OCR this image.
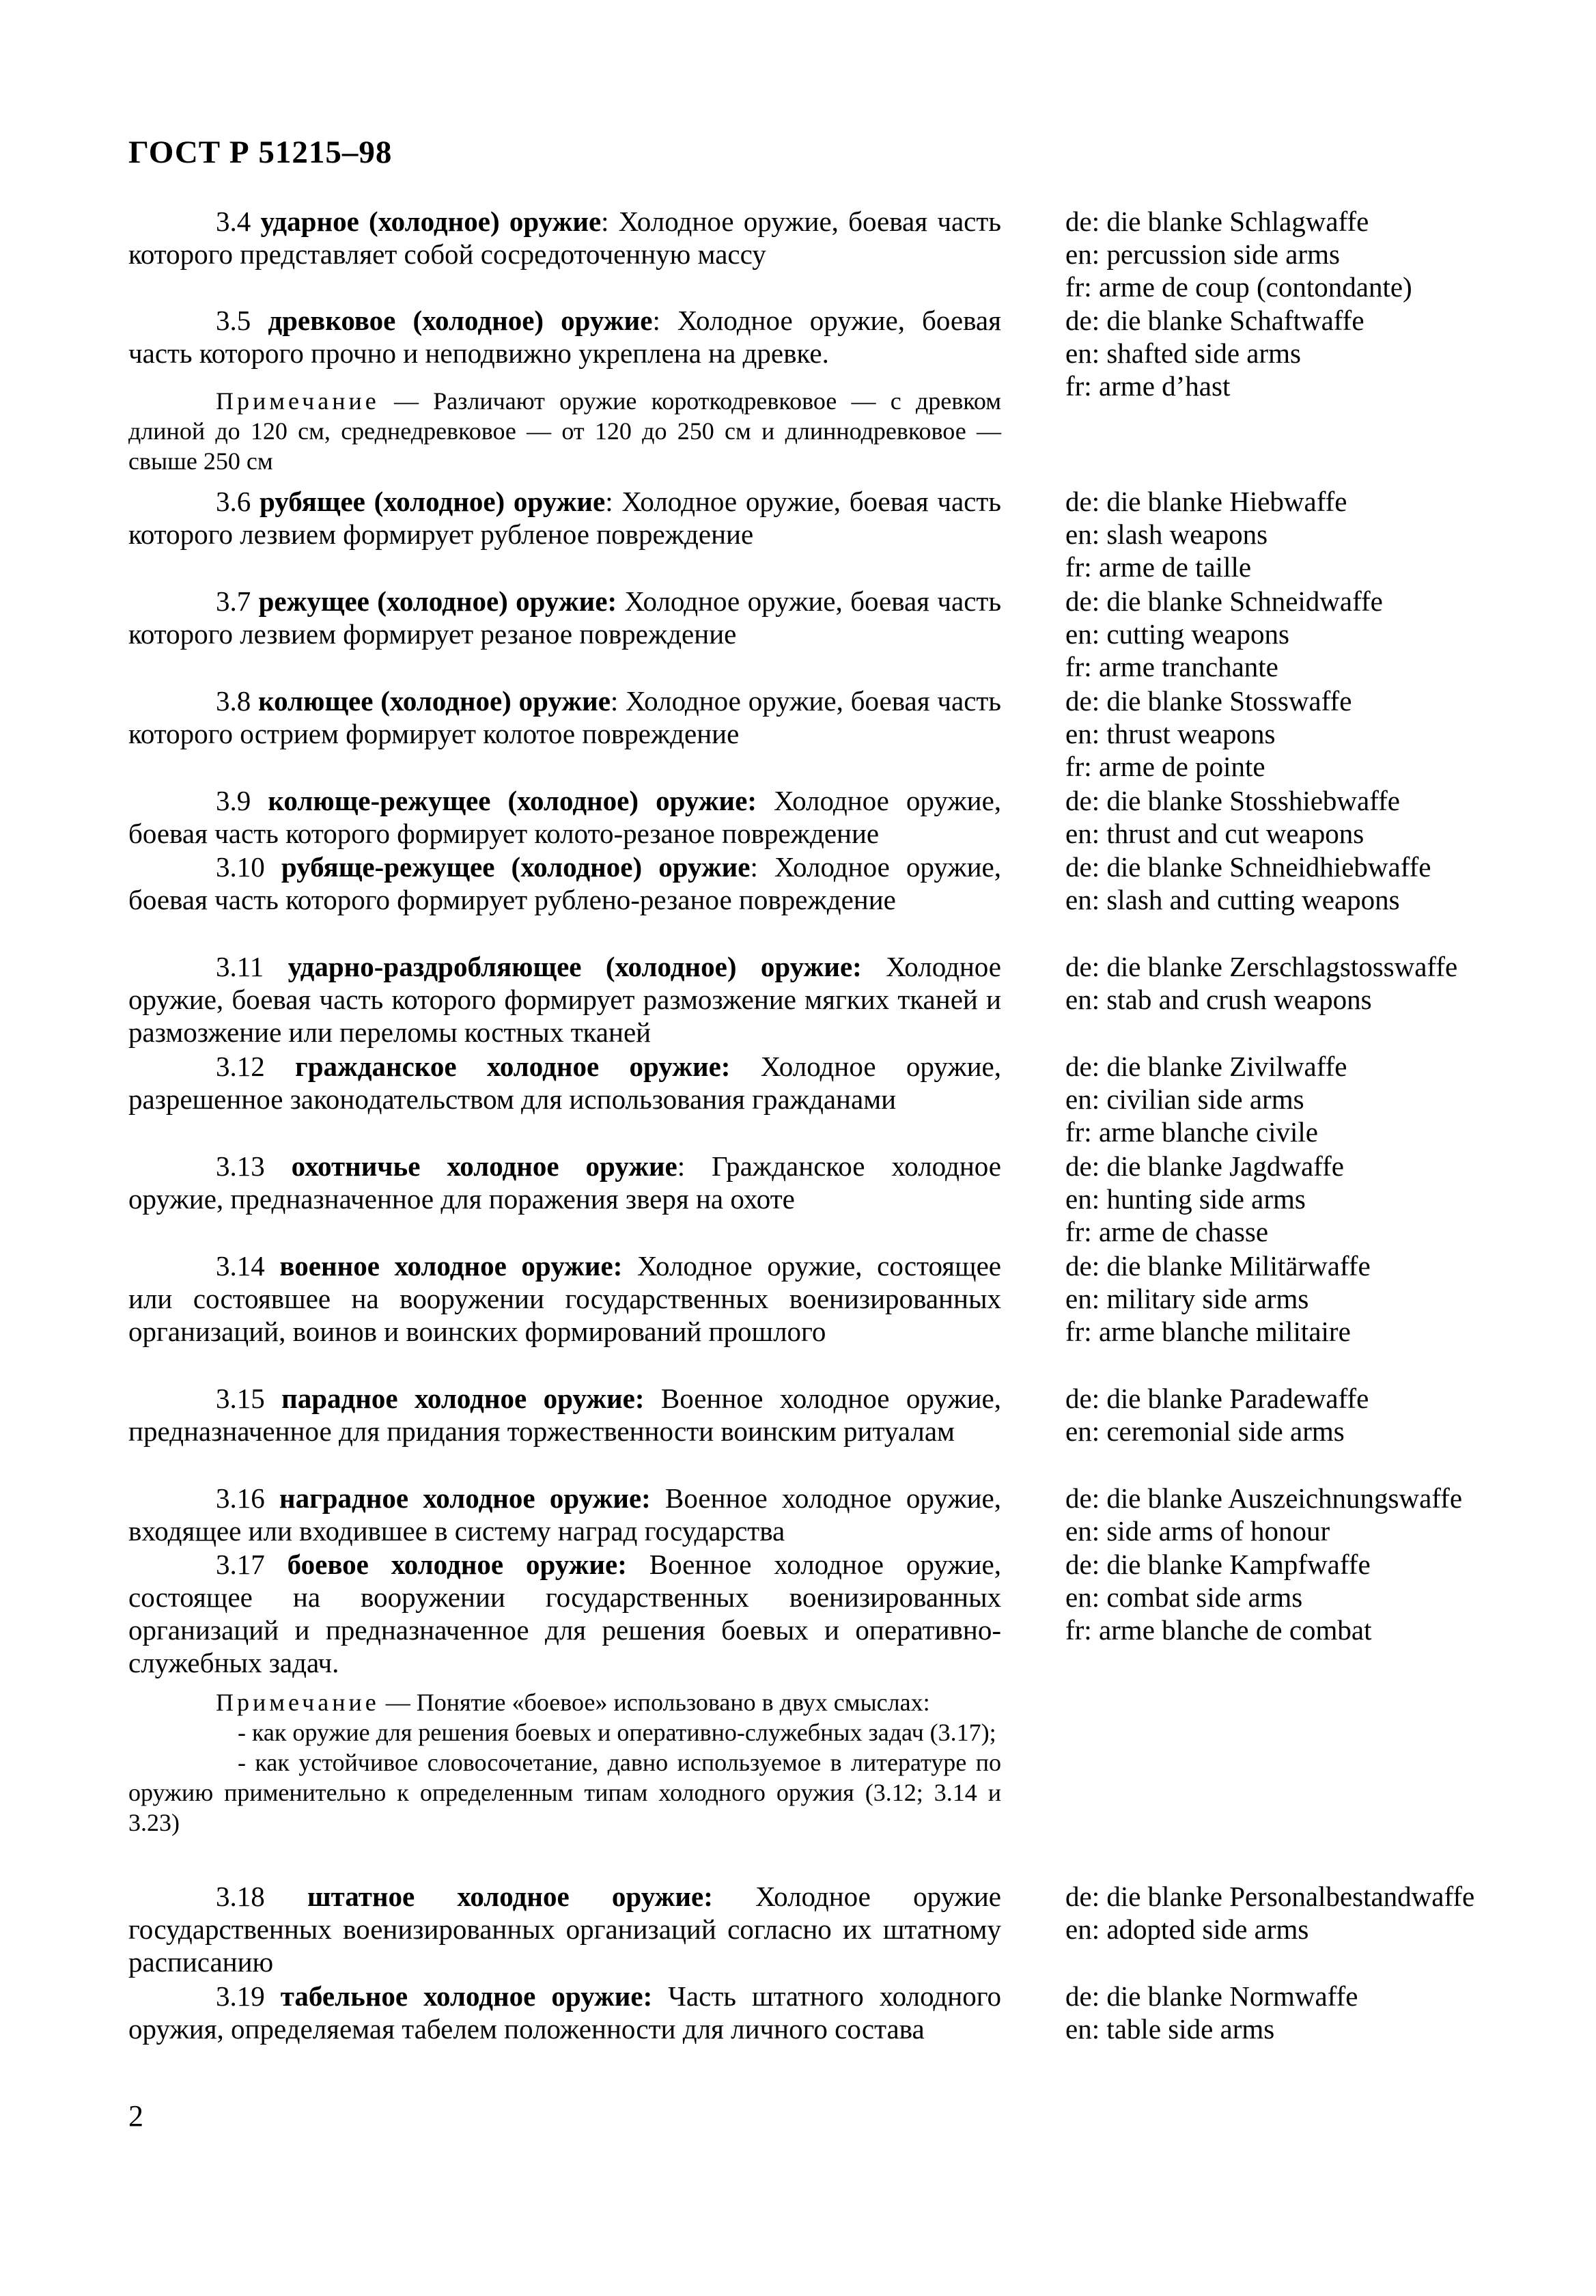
ГОСТ Р 51215–98

3.4 ударное (холодное) оружие: Холодное оружие, боевая часть которого представляет собой сосредоточенную массу

de: die blanke Schlagwaffe
en: percussion side arms
fr: arme de coup (contondante)

3.5 древковое (холодное) оружие: Холодное оружие, боевая часть которого прочно и неподвижно укреплена на древке.

de: die blanke Schaftwaffe
en: shafted side arms
fr: arme d’hast

Примечание — Различают оружие короткодревковое — с древком длиной до 120 см, среднедревковое — от 120 до 250 см и длиннодревковое — свыше 250 см

3.6 рубящее (холодное) оружие: Холодное оружие, боевая часть которого лезвием формирует рубленое повреждение

de: die blanke Hiebwaffe
en: slash weapons
fr: arme de taille

3.7 режущее (холодное) оружие: Холодное оружие, боевая часть которого лезвием формирует резаное повреждение

de: die blanke Schneidwaffe
en: cutting weapons
fr: arme tranchante

3.8 колющее (холодное) оружие: Холодное оружие, боевая часть которого острием формирует колотое повреждение

de: die blanke Stosswaffe
en: thrust weapons
fr: arme de pointe

3.9 колюще-режущее (холодное) оружие: Холодное оружие, боевая часть которого формирует колото-резаное повреждение

de: die blanke Stosshiebwaffe
en: thrust and cut weapons

3.10 рубяще-режущее (холодное) оружие: Холодное оружие, боевая часть которого формирует рублено-резаное повреждение

de: die blanke Schneidhiebwaffe
en: slash and cutting weapons

3.11 ударно-раздробляющее (холодное) оружие: Холодное оружие, боевая часть которого формирует размозжение мягких тканей и размозжение или переломы костных тканей

de: die blanke Zerschlagstosswaffe
en: stab and crush weapons

3.12 гражданское холодное оружие: Холодное оружие, разрешенное законодательством для использования гражданами

de: die blanke Zivilwaffe
en: civilian side arms
fr: arme blanche civile

3.13 охотничье холодное оружие: Гражданское холодное оружие, предназначенное для поражения зверя на охоте

de: die blanke Jagdwaffe
en: hunting side arms
fr: arme de chasse

3.14 военное холодное оружие: Холодное оружие, состоящее или состоявшее на вооружении государственных военизированных организаций, воинов и воинских формирований прошлого

de: die blanke Militärwaffe
en: military side arms
fr: arme blanche militaire

3.15 парадное холодное оружие: Военное холодное оружие, предназначенное для придания торжественности воинским ритуалам

de: die blanke Paradewaffe
en: ceremonial side arms

3.16 наградное холодное оружие: Военное холодное оружие, входящее или входившее в систему наград государства

de: die blanke Auszeichnungswaffe
en: side arms of honour

3.17 боевое холодное оружие: Военное холодное оружие, состоящее на вооружении государственных военизированных организаций и предназначенное для решения боевых и оперативно-служебных задач.

de: die blanke Kampfwaffe
en: combat side arms
fr: arme blanche de combat

Примечание — Понятие «боевое» использовано в двух смыслах:

- как оружие для решения боевых и оперативно-служебных задач (3.17);

- как устойчивое словосочетание, давно используемое в литературе по оружию применительно к определенным типам холодного оружия (3.12; 3.14 и 3.23)

3.18 штатное холодное оружие: Холодное оружие государственных военизированных организаций согласно их штатному расписанию

de: die blanke Personalbestandwaffe
en: adopted side arms

3.19 табельное холодное оружие: Часть штатного холодного оружия, определяемая табелем положенности для личного состава

de: die blanke Normwaffe
en: table side arms
2
